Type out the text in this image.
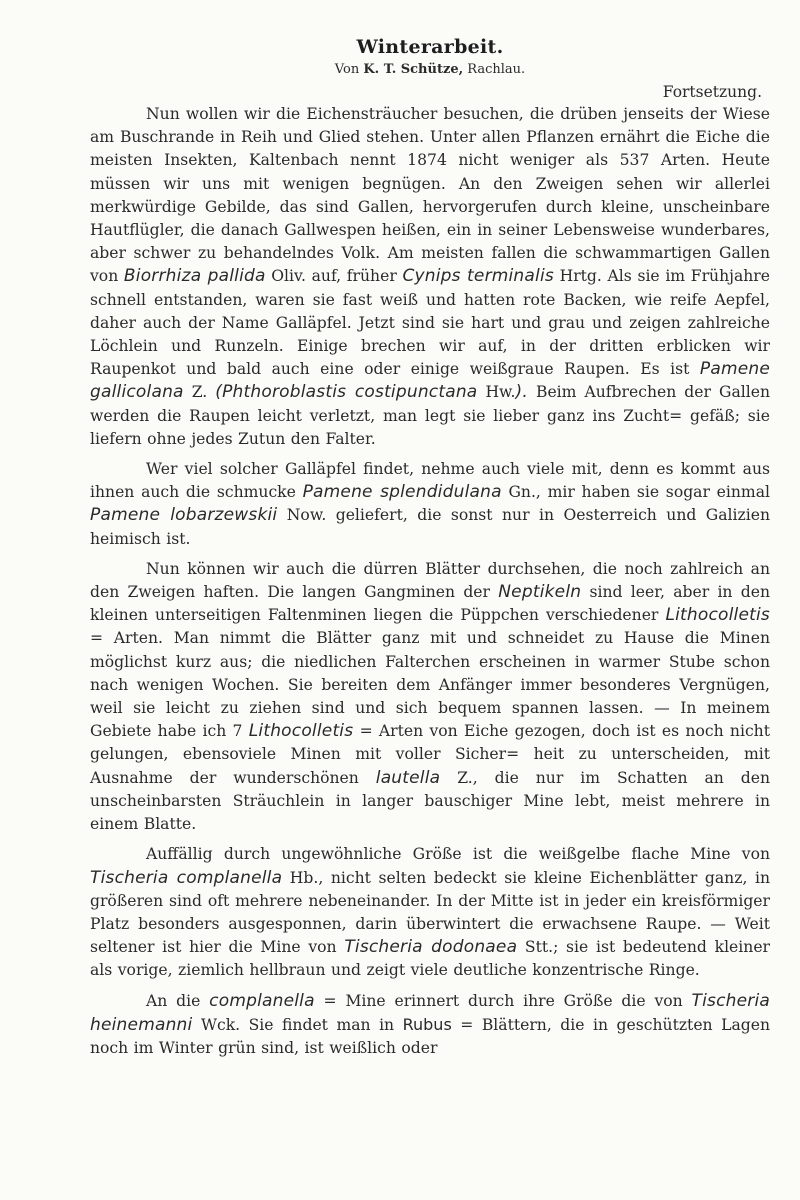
Winterarbeit.
Von K. T. Schütze, Rachlau.
Fortsetzung.
Nun wollen wir die Eichensträucher besuchen, die drüben jenseits der Wiese am Buschrande in Reih und Glied stehen. Unter allen Pflanzen ernährt die Eiche die meisten Insekten, Kaltenbach nennt 1874 nicht weniger als 537 Arten. Heute müssen wir uns mit wenigen begnügen. An den Zweigen sehen wir allerlei merkwürdige Gebilde, das sind Gallen, hervorgerufen durch kleine, unscheinbare Hautflügler, die danach Gallwespen heißen, ein in seiner Lebensweise wunderbares, aber schwer zu behandelndes Volk. Am meisten fallen die schwammartigen Gallen von Biorrhiza pallida Oliv. auf, früher Cynips terminalis Hrtg. Als sie im Frühjahre schnell entstanden, waren sie fast weiß und hatten rote Backen, wie reife Aepfel, daher auch der Name Galläpfel. Jetzt sind sie hart und grau und zeigen zahlreiche Löchlein und Runzeln. Einige brechen wir auf, in der dritten erblicken wir Raupenkot und bald auch eine oder einige weißgraue Raupen. Es ist Pamene gallicolana Z. (Phthoroblastis costipunctana Hw.). Beim Aufbrechen der Gallen werden die Raupen leicht verletzt, man legt sie lieber ganz ins Zucht= gefäß; sie liefern ohne jedes Zutun den Falter.
Wer viel solcher Galläpfel findet, nehme auch viele mit, denn es kommt aus ihnen auch die schmucke Pamene splendidulana Gn., mir haben sie sogar einmal Pamene lobarzewskii Now. geliefert, die sonst nur in Oesterreich und Galizien heimisch ist.
Nun können wir auch die dürren Blätter durchsehen, die noch zahlreich an den Zweigen haften. Die langen Gangminen der Neptikeln sind leer, aber in den kleinen unterseitigen Faltenminen liegen die Püppchen verschiedener Lithocolletis = Arten. Man nimmt die Blätter ganz mit und schneidet zu Hause die Minen möglichst kurz aus; die niedlichen Falterchen erscheinen in warmer Stube schon nach wenigen Wochen. Sie bereiten dem Anfänger immer besonderes Vergnügen, weil sie leicht zu ziehen sind und sich bequem spannen lassen. — In meinem Gebiete habe ich 7 Lithocolletis = Arten von Eiche gezogen, doch ist es noch nicht gelungen, ebensoviele Minen mit voller Sicher= heit zu unterscheiden, mit Ausnahme der wunderschönen lautella Z., die nur im Schatten an den unscheinbarsten Sträuchlein in langer bauschiger Mine lebt, meist mehrere in einem Blatte.
Auffällig durch ungewöhnliche Größe ist die weißgelbe flache Mine von Tischeria complanella Hb., nicht selten bedeckt sie kleine Eichenblätter ganz, in größeren sind oft mehrere nebeneinander. In der Mitte ist in jeder ein kreisförmiger Platz besonders ausgesponnen, darin überwintert die erwachsene Raupe. — Weit seltener ist hier die Mine von Tischeria dodonaea Stt.; sie ist bedeutend kleiner als vorige, ziemlich hellbraun und zeigt viele deutliche konzentrische Ringe.
An die complanella = Mine erinnert durch ihre Größe die von Tischeria heinemanni Wck. Sie findet man in Rubus = Blättern, die in geschützten Lagen noch im Winter grün sind, ist weißlich oder
